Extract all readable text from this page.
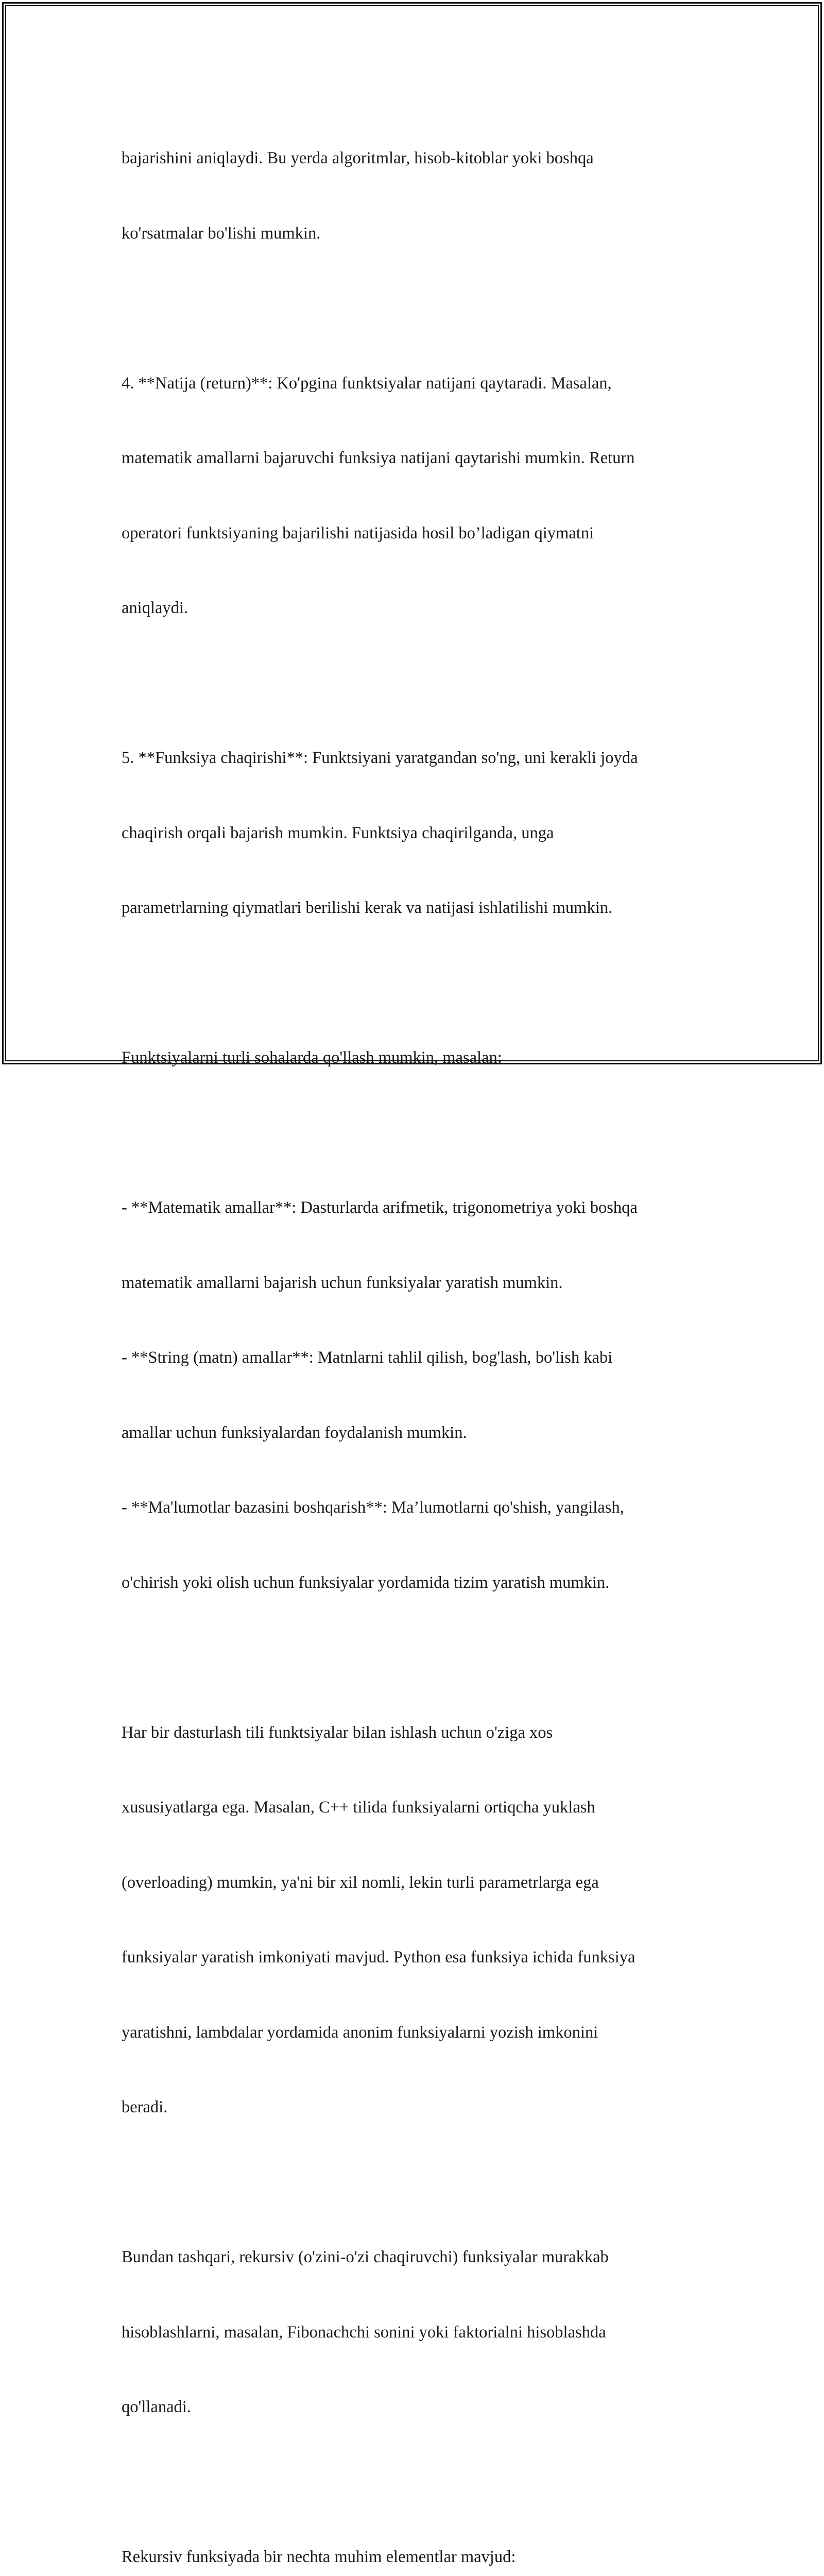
bajarishini aniqlaydi. Bu yerda algoritmlar, hisob-kitoblar yoki boshqa

ko'rsatmalar bo'lishi mumkin.

4. **Natija (return)**: Ko'pgina funktsiyalar natijani qaytaradi. Masalan,

matematik amallarni bajaruvchi funksiya natijani qaytarishi mumkin. Return

operatori funktsiyaning bajarilishi natijasida hosil bo’ladigan qiymatni

aniqlaydi.

5. **Funksiya chaqirishi**: Funktsiyani yaratgandan so'ng, uni kerakli joyda

chaqirish orqali bajarish mumkin. Funktsiya chaqirilganda, unga

parametrlarning qiymatlari berilishi kerak va natijasi ishlatilishi mumkin.

Funktsiyalarni turli sohalarda qo'llash mumkin, masalan:

- **Matematik amallar**: Dasturlarda arifmetik, trigonometriya yoki boshqa

matematik amallarni bajarish uchun funksiyalar yaratish mumkin.

- **String (matn) amallar**: Matnlarni tahlil qilish, bog'lash, bo'lish kabi

amallar uchun funksiyalardan foydalanish mumkin.

- **Ma'lumotlar bazasini boshqarish**: Ma’lumotlarni qo'shish, yangilash,

o'chirish yoki olish uchun funksiyalar yordamida tizim yaratish mumkin.

Har bir dasturlash tili funktsiyalar bilan ishlash uchun o'ziga xos

xususiyatlarga ega. Masalan, C++ tilida funksiyalarni ortiqcha yuklash

(overloading) mumkin, ya'ni bir xil nomli, lekin turli parametrlarga ega

funksiyalar yaratish imkoniyati mavjud. Python esa funksiya ichida funksiya

yaratishni, lambdalar yordamida anonim funksiyalarni yozish imkonini

beradi.

Bundan tashqari, rekursiv (o'zini-o'zi chaqiruvchi) funksiyalar murakkab

hisoblashlarni, masalan, Fibonachchi sonini yoki faktorialni hisoblashda

qo'llanadi.

Rekursiv funksiyada bir nechta muhim elementlar mavjud:
